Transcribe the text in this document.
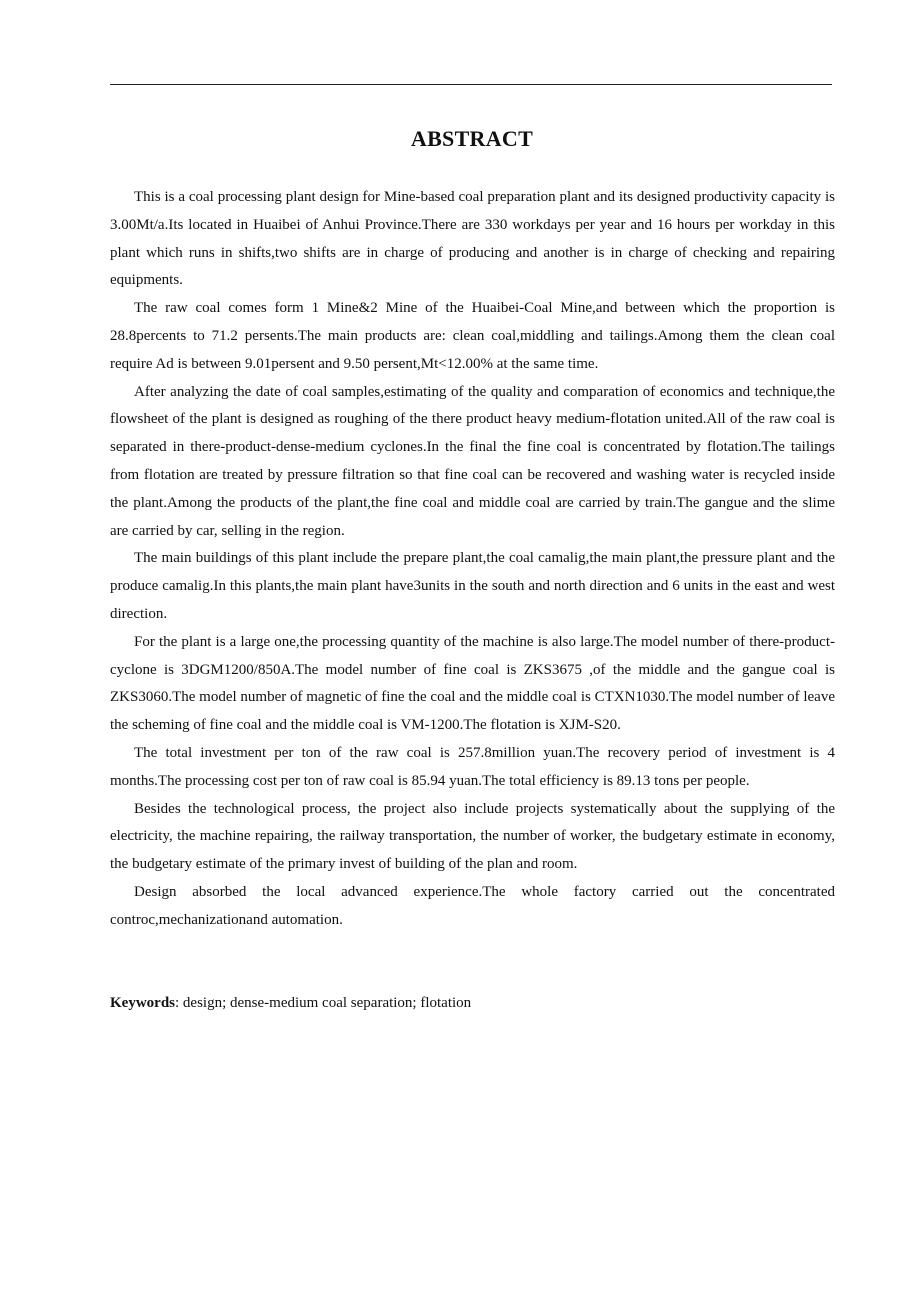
ABSTRACT

This is a coal processing plant design for Mine-based coal preparation plant and its designed productivity capacity is 3.00Mt/a.Its located in Huaibei of Anhui Province.There are 330 workdays per year and 16 hours per workday in this plant which runs in shifts,two shifts are in charge of producing and another is in charge of checking and repairing equipments.

The raw coal comes form 1 Mine&2 Mine of the Huaibei-Coal Mine,and between which the proportion is 28.8percents to 71.2 persents.The main products are: clean coal,middling and tailings.Among them the clean coal require Ad is between 9.01persent and 9.50 persent,Mt<12.00% at the same time.

After analyzing the date of coal samples,estimating of the quality and comparation of economics and technique,the flowsheet of the plant is designed as roughing of the there product heavy medium-flotation united.All of the raw coal is separated in there-product-dense-medium cyclones.In the final the fine coal is concentrated by flotation.The tailings from flotation are treated by pressure filtration so that fine coal can be recovered and washing water is recycled inside the plant.Among the products of the plant,the fine coal and middle coal are carried by train.The gangue and the slime are carried by car, selling in the region.

The main buildings of this plant include the prepare plant,the coal camalig,the main plant,the pressure plant and the produce camalig.In this plants,the main plant have3units in the south and north direction and 6 units in the east and west direction.

For the plant is a large one,the processing quantity of the machine is also large.The model number of there-product-cyclone is 3DGM1200/850A.The model number of fine coal is ZKS3675 ,of the middle and the gangue coal is ZKS3060.The model number of magnetic of fine the coal and the middle coal is CTXN1030.The model number of leave the scheming of fine coal and the middle coal is VM-1200.The flotation is XJM-S20.

The total investment per ton of the raw coal is 257.8million yuan.The recovery period of investment is 4 months.The processing cost per ton of raw coal is 85.94 yuan.The total efficiency is 89.13 tons per people.

Besides the technological process, the project also include projects systematically about the supplying of the electricity, the machine repairing, the railway transportation, the number of worker, the budgetary estimate in economy, the budgetary estimate of the primary invest of building of the plan and room.

Design absorbed the local advanced experience.The whole factory carried out the concentrated controc,mechanizationand automation.

Keywords: design; dense-medium coal separation; flotation
